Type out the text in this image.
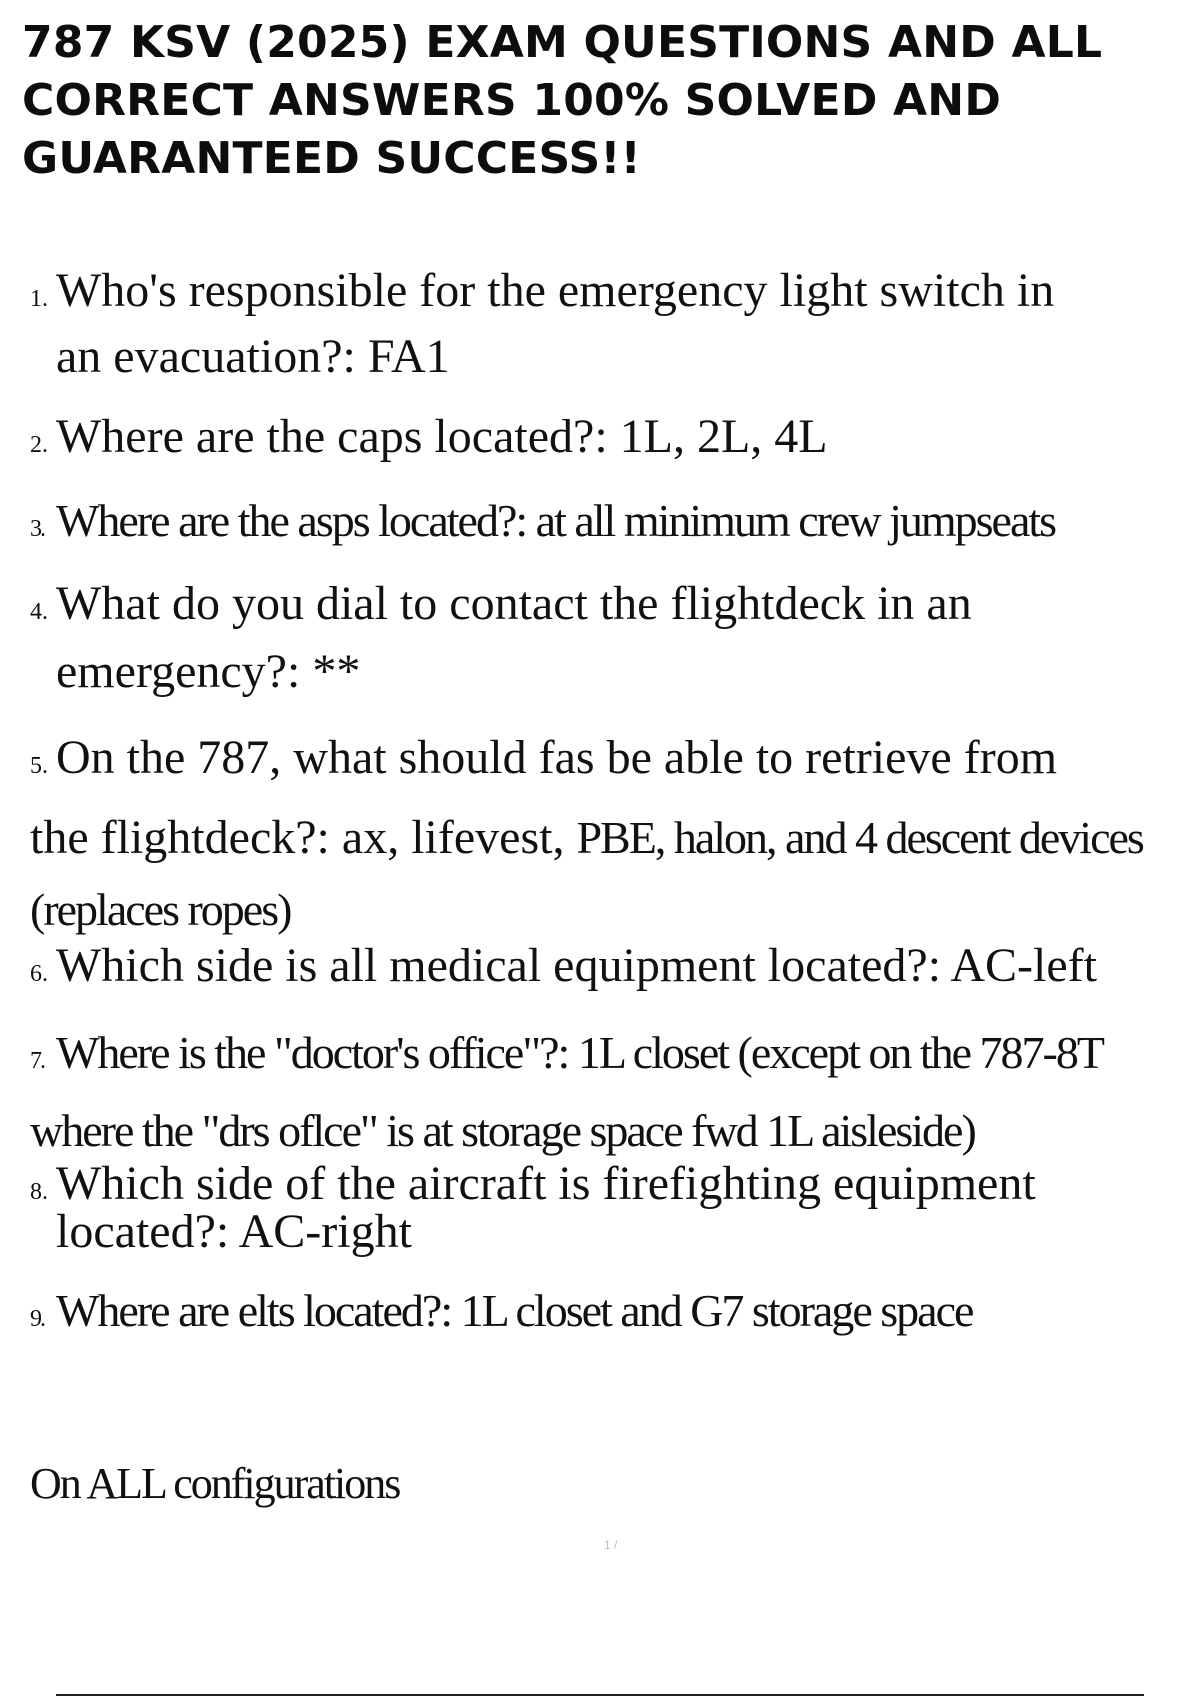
787 KSV (2025) EXAM QUESTIONS AND ALL CORRECT ANSWERS 100% SOLVED AND GUARANTEED SUCCESS!!
1. Who's responsible for the emergency light switch in
an evacuation?: FA1
2. Where are the caps located?: 1L, 2L, 4L
3. Where are the asps located?: at all minimum crew jumpseats
4. What do you dial to contact the flightdeck in an
emergency?: **
5. On the 787, what should fas be able to retrieve from
the flightdeck?: ax, lifevest, PBE, halon, and 4 descent devices
(replaces ropes)
6. Which side is all medical equipment located?: AC-left
7. Where is the "doctor's office"?: 1L closet (except on the 787-8T
where the "drs oflce" is at storage space fwd 1L aisleside)
8. Which side of the aircraft is firefighting equipment
located?: AC-right
9. Where are elts located?: 1L closet and G7 storage space

On ALL configurations

1 /
